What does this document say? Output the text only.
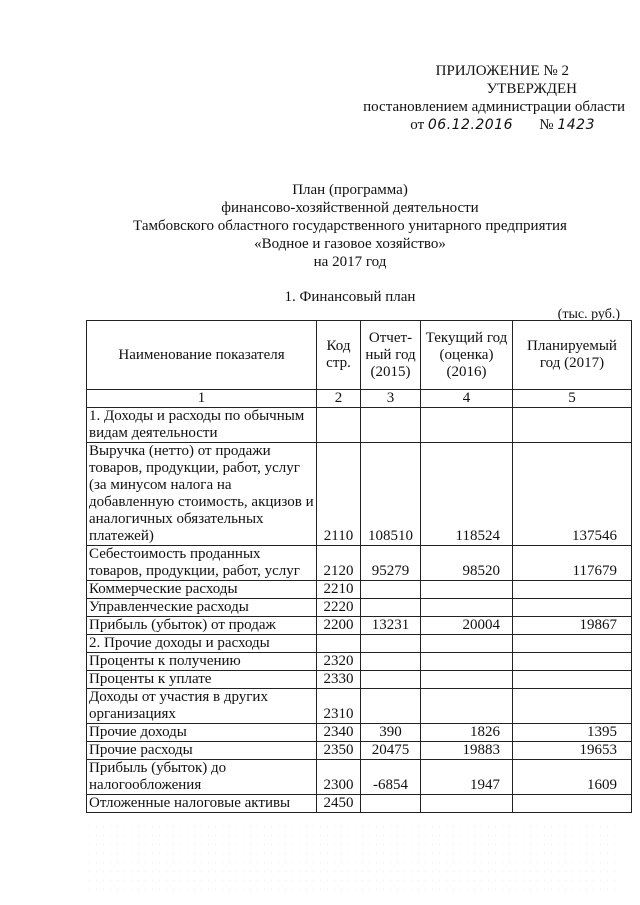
ПРИЛОЖЕНИЕ № 2
УТВЕРЖДЕН
постановлением администрации области
от 06.12.2016 № 1423
План (программа)
финансово-хозяйственной деятельности
Тамбовского областного государственного унитарного предприятия
«Водное и газовое хозяйство»
на 2017 год
1. Финансовый план
(тыс. руб.)
Наименование показателя	Код стр.	Отчет-ный год (2015)	Текущий год (оценка) (2016)	Планируемый год (2017)
1	2	3	4	5
1. Доходы и расходы по обычным видам деятельности				
Выручка (нетто) от продажи товаров, продукции, работ, услуг (за минусом налога на добавленную стоимость, акцизов и аналогичных обязательных платежей)	2110	108510	118524	137546
Себестоимость проданных товаров, продукции, работ, услуг	2120	95279	98520	117679
Коммерческие расходы	2210			
Управленческие расходы	2220			
Прибыль (убыток) от продаж	2200	13231	20004	19867
2. Прочие доходы и расходы				
Проценты к получению	2320			
Проценты к уплате	2330			
Доходы от участия в других организациях	2310			
Прочие доходы	2340	390	1826	1395
Прочие расходы	2350	20475	19883	19653
Прибыль (убыток) до налогообложения	2300	-6854	1947	1609
Отложенные налоговые активы	2450			
